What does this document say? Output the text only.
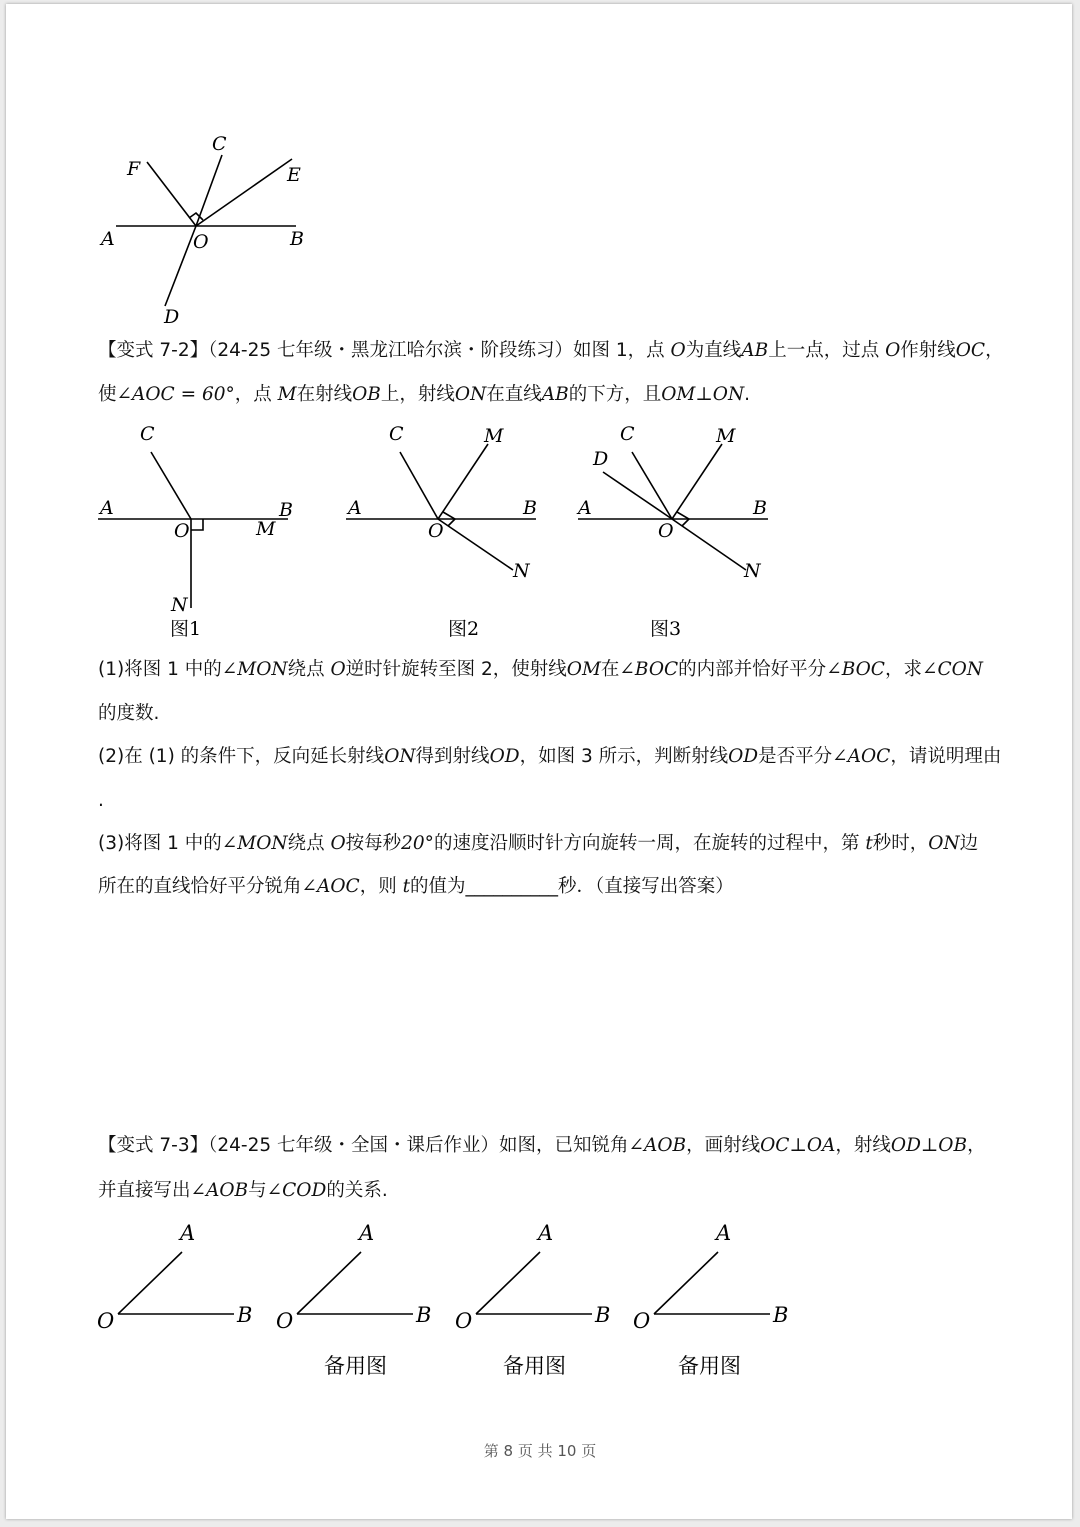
C
F	E
A	O	B
D
【变式 7-2】（24-25 七年级・黑龙江哈尔滨・阶段练习）如图 1，点 O为直线AB上一点，过点 O作射线OC，
使∠AOC = 60°，点 M在射线OB上，射线ON在直线AB的下方，且OM⊥ON.
C
A	B
O	M
N
图1
C	M
A	B
O
N
图2
C	M
D
A	B
O
N
图3
(1)将图 1 中的∠MON绕点 O逆时针旋转至图 2，使射线OM在∠BOC的内部并恰好平分∠BOC，求∠CON
的度数.
(2)在 (1) 的条件下，反向延长射线ON得到射线OD，如图 3 所示，判断射线OD是否平分∠AOC，请说明理由
.
(3)将图 1 中的∠MON绕点 O按每秒20°的速度沿顺时针方向旋转一周，在旋转的过程中，第 t秒时，ON边
所在的直线恰好平分锐角∠AOC，则 t的值为__________秒．（直接写出答案）
【变式 7-3】（24-25 七年级・全国・课后作业）如图，已知锐角∠AOB，画射线OC⊥OA，射线OD⊥OB，
并直接写出∠AOB与∠COD的关系.
A
O	B
A
O	B
A
O	B
A
O	B
备用图	备用图	备用图
第 8 页 共 10 页
